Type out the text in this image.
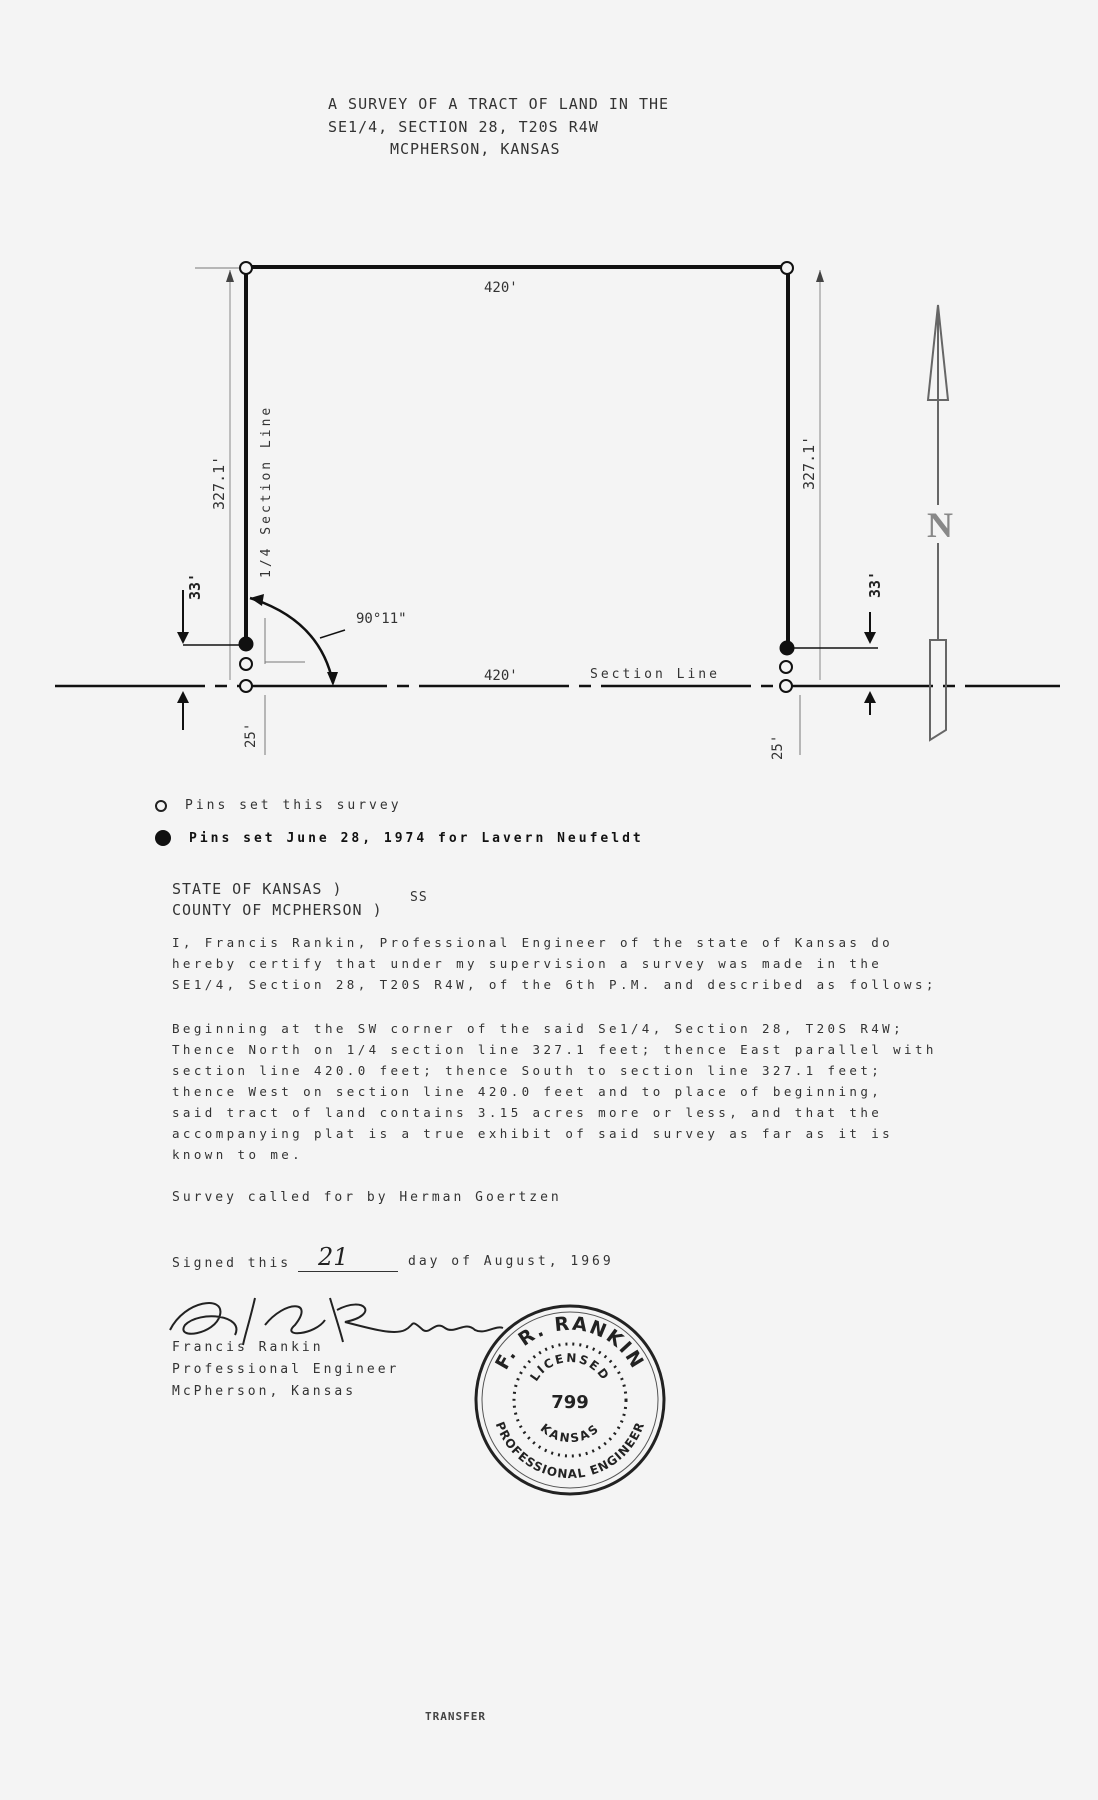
A SURVEY OF A TRACT OF LAND IN THE
SE1/4, SECTION 28, T20S R4W
MCPHERSON, KANSAS
420'
420'	Section Line
90°11"
N
327.1'	327.1'
1/4 Section Line
33'	33'
25'	25'
Pins set this survey
Pins set June 28, 1974 for Lavern Neufeldt
STATE OF KANSAS )
COUNTY OF MCPHERSON )
SS
I, Francis Rankin, Professional Engineer of the state of Kansas do
hereby certify that under my supervision a survey was made in the
SE1/4, Section 28, T20S R4W, of the 6th P.M. and described as follows;
Beginning at the SW corner of the said Se1/4, Section 28, T20S R4W;
Thence North on 1/4 section line 327.1 feet; thence East parallel with
section line 420.0 feet; thence South to section line 327.1 feet;
thence West on section line 420.0 feet and to place of beginning,
said tract of land contains 3.15 acres more or less, and that the
accompanying plat is a true exhibit of said survey as far as it is
known to me.
Survey called for by Herman Goertzen
Signed this 21	day of August, 1969
Francis Rankin
Professional Engineer
McPherson, Kansas
F. R. RANKIN
PROFESSIONAL ENGINEER
LICENSED
KANSAS
799
TRANSFER
